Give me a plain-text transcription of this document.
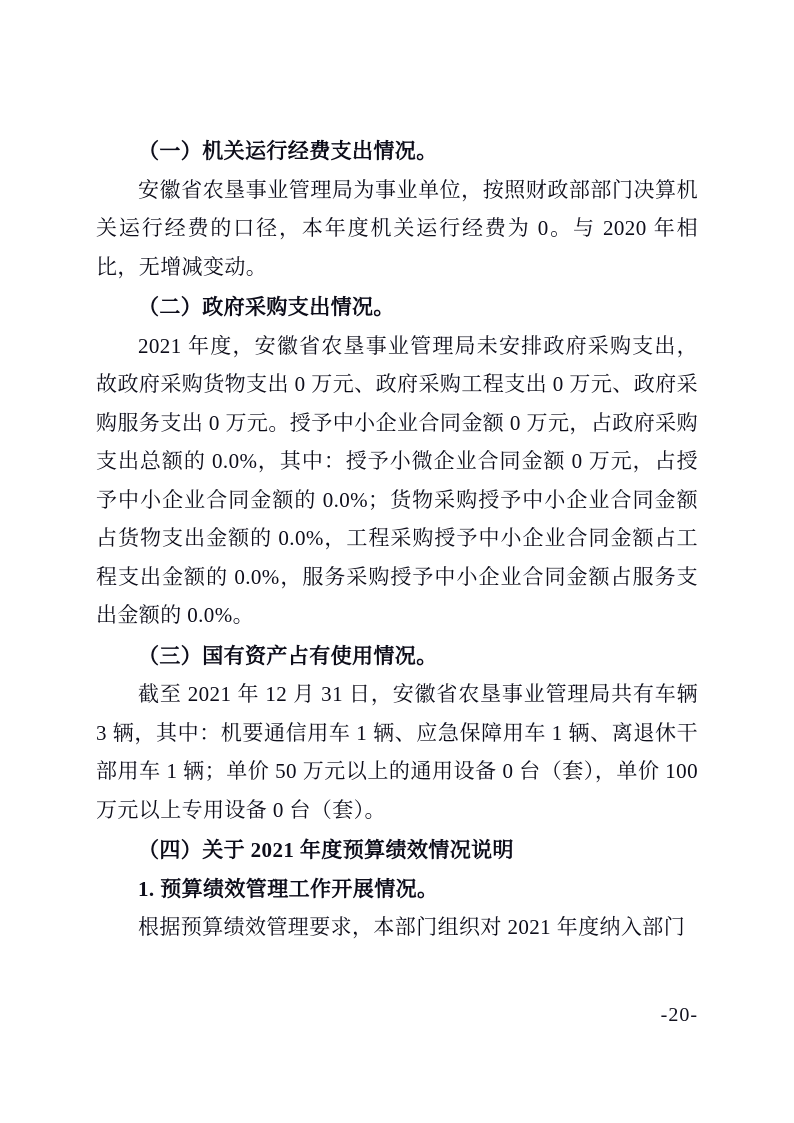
（一）机关运行经费支出情况。

安徽省农垦事业管理局为事业单位，按照财政部部门决算机关运行经费的口径，本年度机关运行经费为 0。与 2020 年相比，无增减变动。

（二）政府采购支出情况。

2021 年度，安徽省农垦事业管理局未安排政府采购支出，故政府采购货物支出 0 万元、政府采购工程支出 0 万元、政府采购服务支出 0 万元。授予中小企业合同金额 0 万元，占政府采购支出总额的 0.0%，其中：授予小微企业合同金额 0 万元，占授予中小企业合同金额的 0.0%；货物采购授予中小企业合同金额占货物支出金额的 0.0%，工程采购授予中小企业合同金额占工程支出金额的 0.0%，服务采购授予中小企业合同金额占服务支出金额的 0.0%。

（三）国有资产占有使用情况。

截至 2021 年 12 月 31 日，安徽省农垦事业管理局共有车辆 3 辆，其中：机要通信用车 1 辆、应急保障用车 1 辆、离退休干部用车 1 辆；单价 50 万元以上的通用设备 0 台（套），单价 100 万元以上专用设备 0 台（套）。

（四）关于 2021 年度预算绩效情况说明

1. 预算绩效管理工作开展情况。

根据预算绩效管理要求，本部门组织对 2021 年度纳入部门

-20-
